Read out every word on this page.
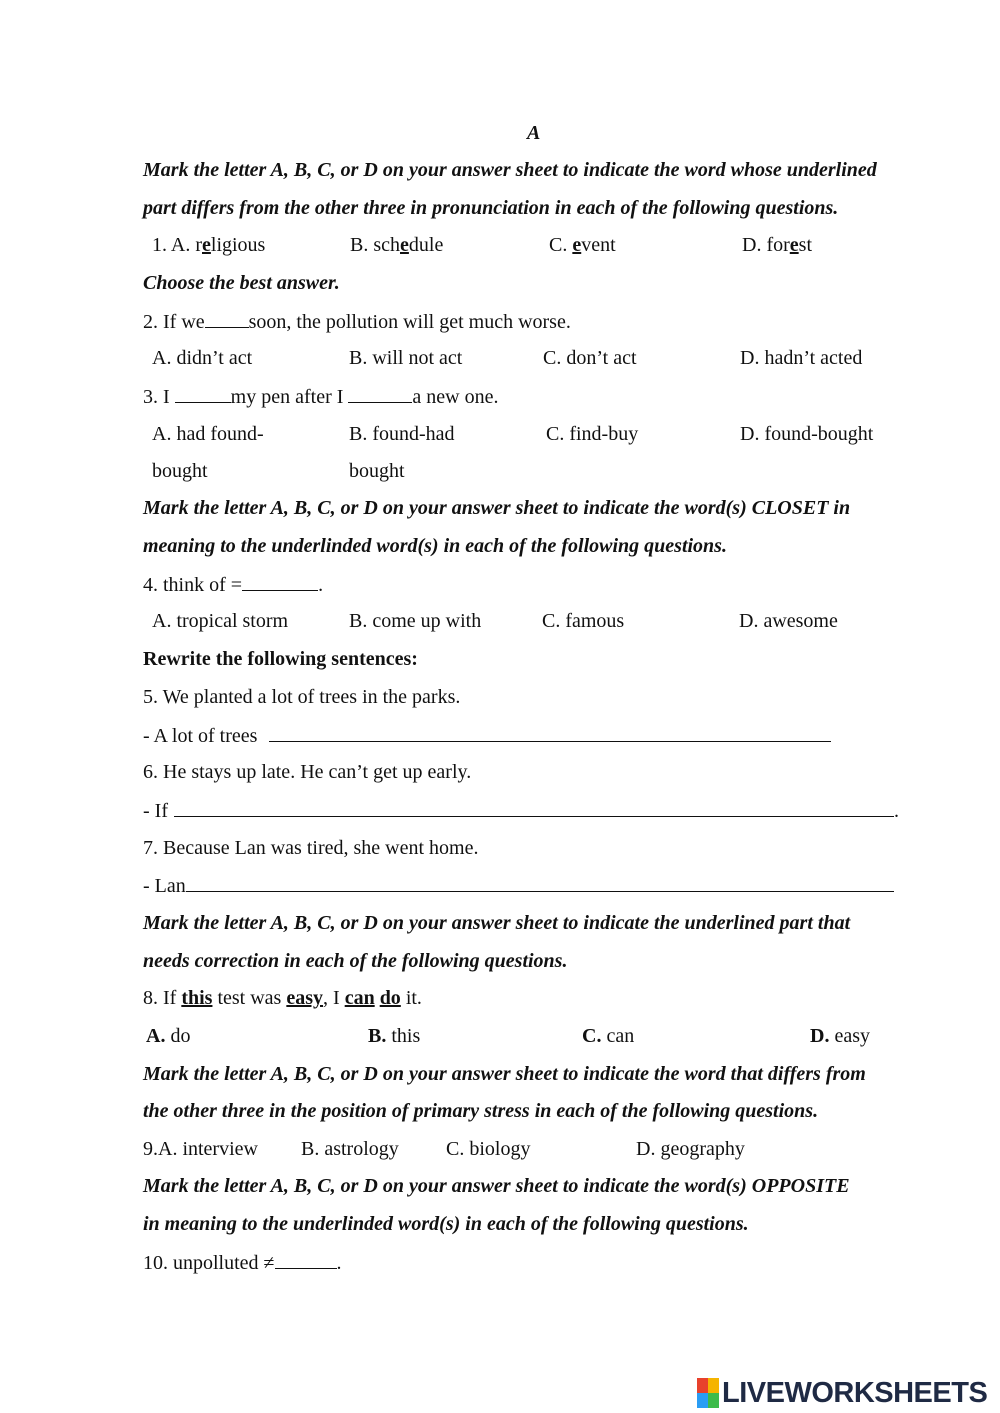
A
Mark the letter A, B, C, or D on your answer sheet to indicate the word whose underlined
part differs from the other three in pronunciation in each of the following questions.
1. A. religious	B. schedule	C. event	D. forest
Choose the best answer.
2. If we soon, the pollution will get much worse.
A. didn’t act	B. will not act	C. don’t act	D. hadn’t acted
3. I	my pen after I	a new one.
A. had found-
bought
B. found-had
bought
C. find-buy	D. found-bought
Mark the letter A, B, C, or D on your answer sheet to indicate the word(s) CLOSET in
meaning to the underlinded word(s) in each of the following questions.
4. think of =	.
A. tropical storm	B. come up with	C. famous	D. awesome
Rewrite the following sentences:
5. We planted a lot of trees in the parks.
- A lot of trees
6. He stays up late. He can’t get up early.
- If	.
7. Because Lan was tired, she went home.
- Lan
Mark the letter A, B, C, or D on your answer sheet to indicate the underlined part that
needs correction in each of the following questions.
8. If this test was easy, I can do it.
A. do	B. this	C. can	D. easy
Mark the letter A, B, C, or D on your answer sheet to indicate the word that differs from
the other three in the position of primary stress in each of the following questions.
9.A. interview B. astrology C. biology	D. geography
Mark the letter A, B, C, or D on your answer sheet to indicate the word(s) OPPOSITE
in meaning to the underlinded word(s) in each of the following questions.
10. unpolluted ≠	.
LIVEWORKSHEETS
